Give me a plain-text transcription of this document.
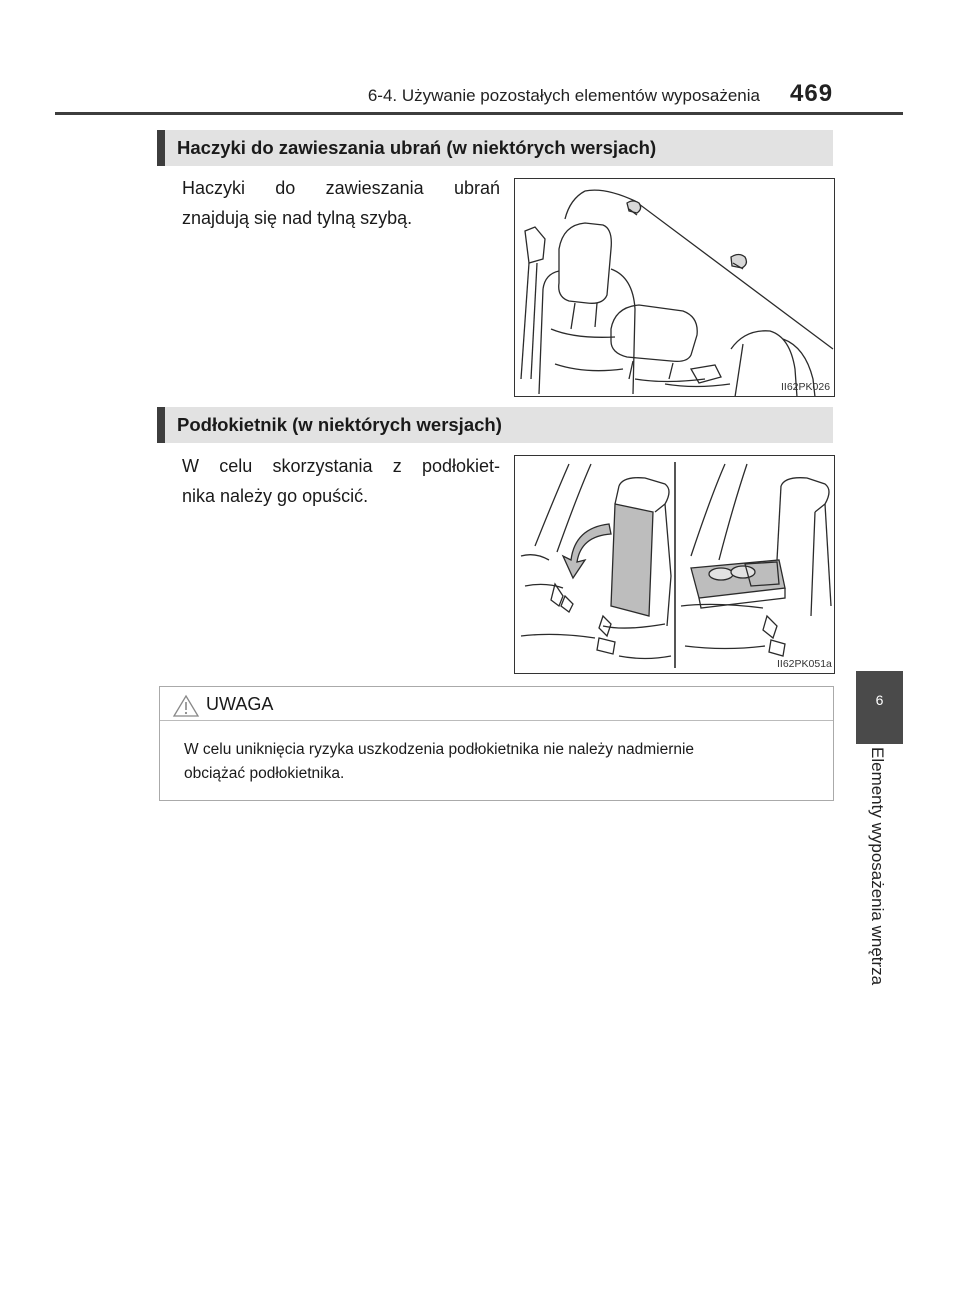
6-4. Używanie pozostałych elementów wyposażenia 469
Haczyki do zawieszania ubrań (w niektórych wersjach)
Haczyki do zawieszania ubrań
znajdują się nad tylną szybą.
II62PK026
Podłokietnik (w niektórych wersjach)
W celu skorzystania z podłokiet-
nika należy go opuścić.
II62PK051a
UWAGA
W celu uniknięcia ryzyka uszkodzenia podłokietnika nie należy nadmiernie
obciążać podłokietnika.
6
Elementy wyposażenia wnętrza
